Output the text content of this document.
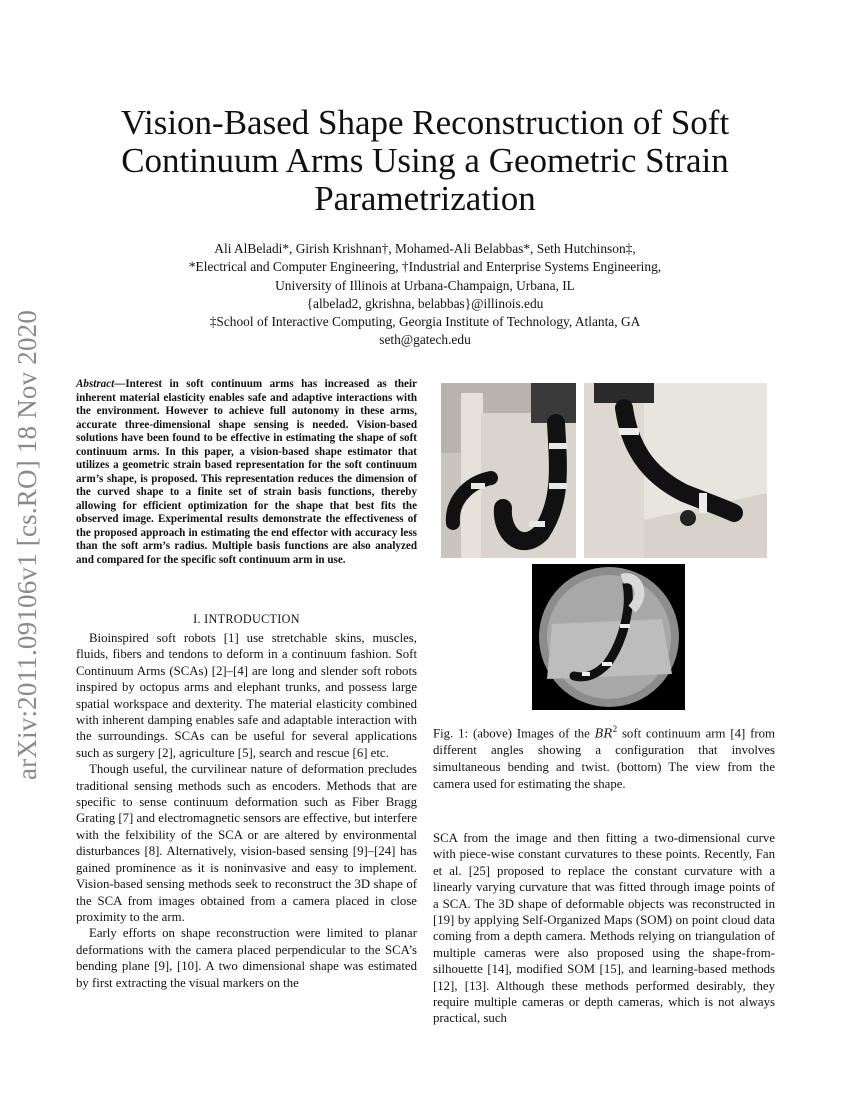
arXiv:2011.09106v1 [cs.RO] 18 Nov 2020
Vision-Based Shape Reconstruction of Soft
Continuum Arms Using a Geometric Strain
Parametrization
Ali AlBeladi*, Girish Krishnan†, Mohamed-Ali Belabbas*, Seth Hutchinson‡,
*Electrical and Computer Engineering, †Industrial and Enterprise Systems Engineering,
University of Illinois at Urbana-Champaign, Urbana, IL
{albelad2, gkrishna, belabbas}@illinois.edu
‡School of Interactive Computing, Georgia Institute of Technology, Atlanta, GA
seth@gatech.edu
Abstract—Interest in soft continuum arms has increased as their inherent material elasticity enables safe and adaptive interactions with the environment. However to achieve full autonomy in these arms, accurate three-dimensional shape sensing is needed. Vision-based solutions have been found to be effective in estimating the shape of soft continuum arms. In this paper, a vision-based shape estimator that utilizes a geometric strain based representation for the soft continuum arm’s shape, is proposed. This representation reduces the dimension of the curved shape to a finite set of strain basis functions, thereby allowing for efficient optimization for the shape that best fits the observed image. Experimental results demonstrate the effectiveness of the proposed approach in estimating the end effector with accuracy less than the soft arm’s radius. Multiple basis functions are also analyzed and compared for the specific soft continuum arm in use.
I. INTRODUCTION

Bioinspired soft robots [1] use stretchable skins, muscles, fluids, fibers and tendons to deform in a continuum fashion. Soft Continuum Arms (SCAs) [2]–[4] are long and slender soft robots inspired by octopus arms and elephant trunks, and possess large spatial workspace and dexterity. The material elasticity combined with inherent damping enables safe and adaptable interaction with the surroundings. SCAs can be useful for several applications such as surgery [2], agriculture [5], search and rescue [6] etc.

Though useful, the curvilinear nature of deformation precludes traditional sensing methods such as encoders. Methods that are specific to sense continuum deformation such as Fiber Bragg Grating [7] and electromagnetic sensors are effective, but interfere with the felxibility of the SCA or are altered by environmental disturbances [8]. Alternatively, vision-based sensing [9]–[24] has gained prominence as it is noninvasive and easy to implement. Vision-based sensing methods seek to reconstruct the 3D shape of the SCA from images obtained from a camera placed in close proximity to the arm.

Early efforts on shape reconstruction were limited to planar deformations with the camera placed perpendicular to the SCA’s bending plane [9], [10]. A two dimensional shape was estimated by first extracting the visual markers on the

Fig. 1: (above) Images of the $BR^2$ soft continuum arm [4] from different angles showing a configuration that involves simultaneous bending and twist. (bottom) The view from the camera used for estimating the shape.

SCA from the image and then fitting a two-dimensional curve with piece-wise constant curvatures to these points. Recently, Fan et al. [25] proposed to replace the constant curvature with a linearly varying curvature that was fitted through image points of a SCA. The 3D shape of deformable objects was reconstructed in [19] by applying Self-Organized Maps (SOM) on point cloud data coming from a depth camera. Methods relying on triangulation of multiple cameras were also proposed using the shape-from-silhouette [14], modified SOM [15], and learning-based methods [12], [13]. Although these methods performed desirably, they require multiple cameras or depth cameras, which is not always practical, such
